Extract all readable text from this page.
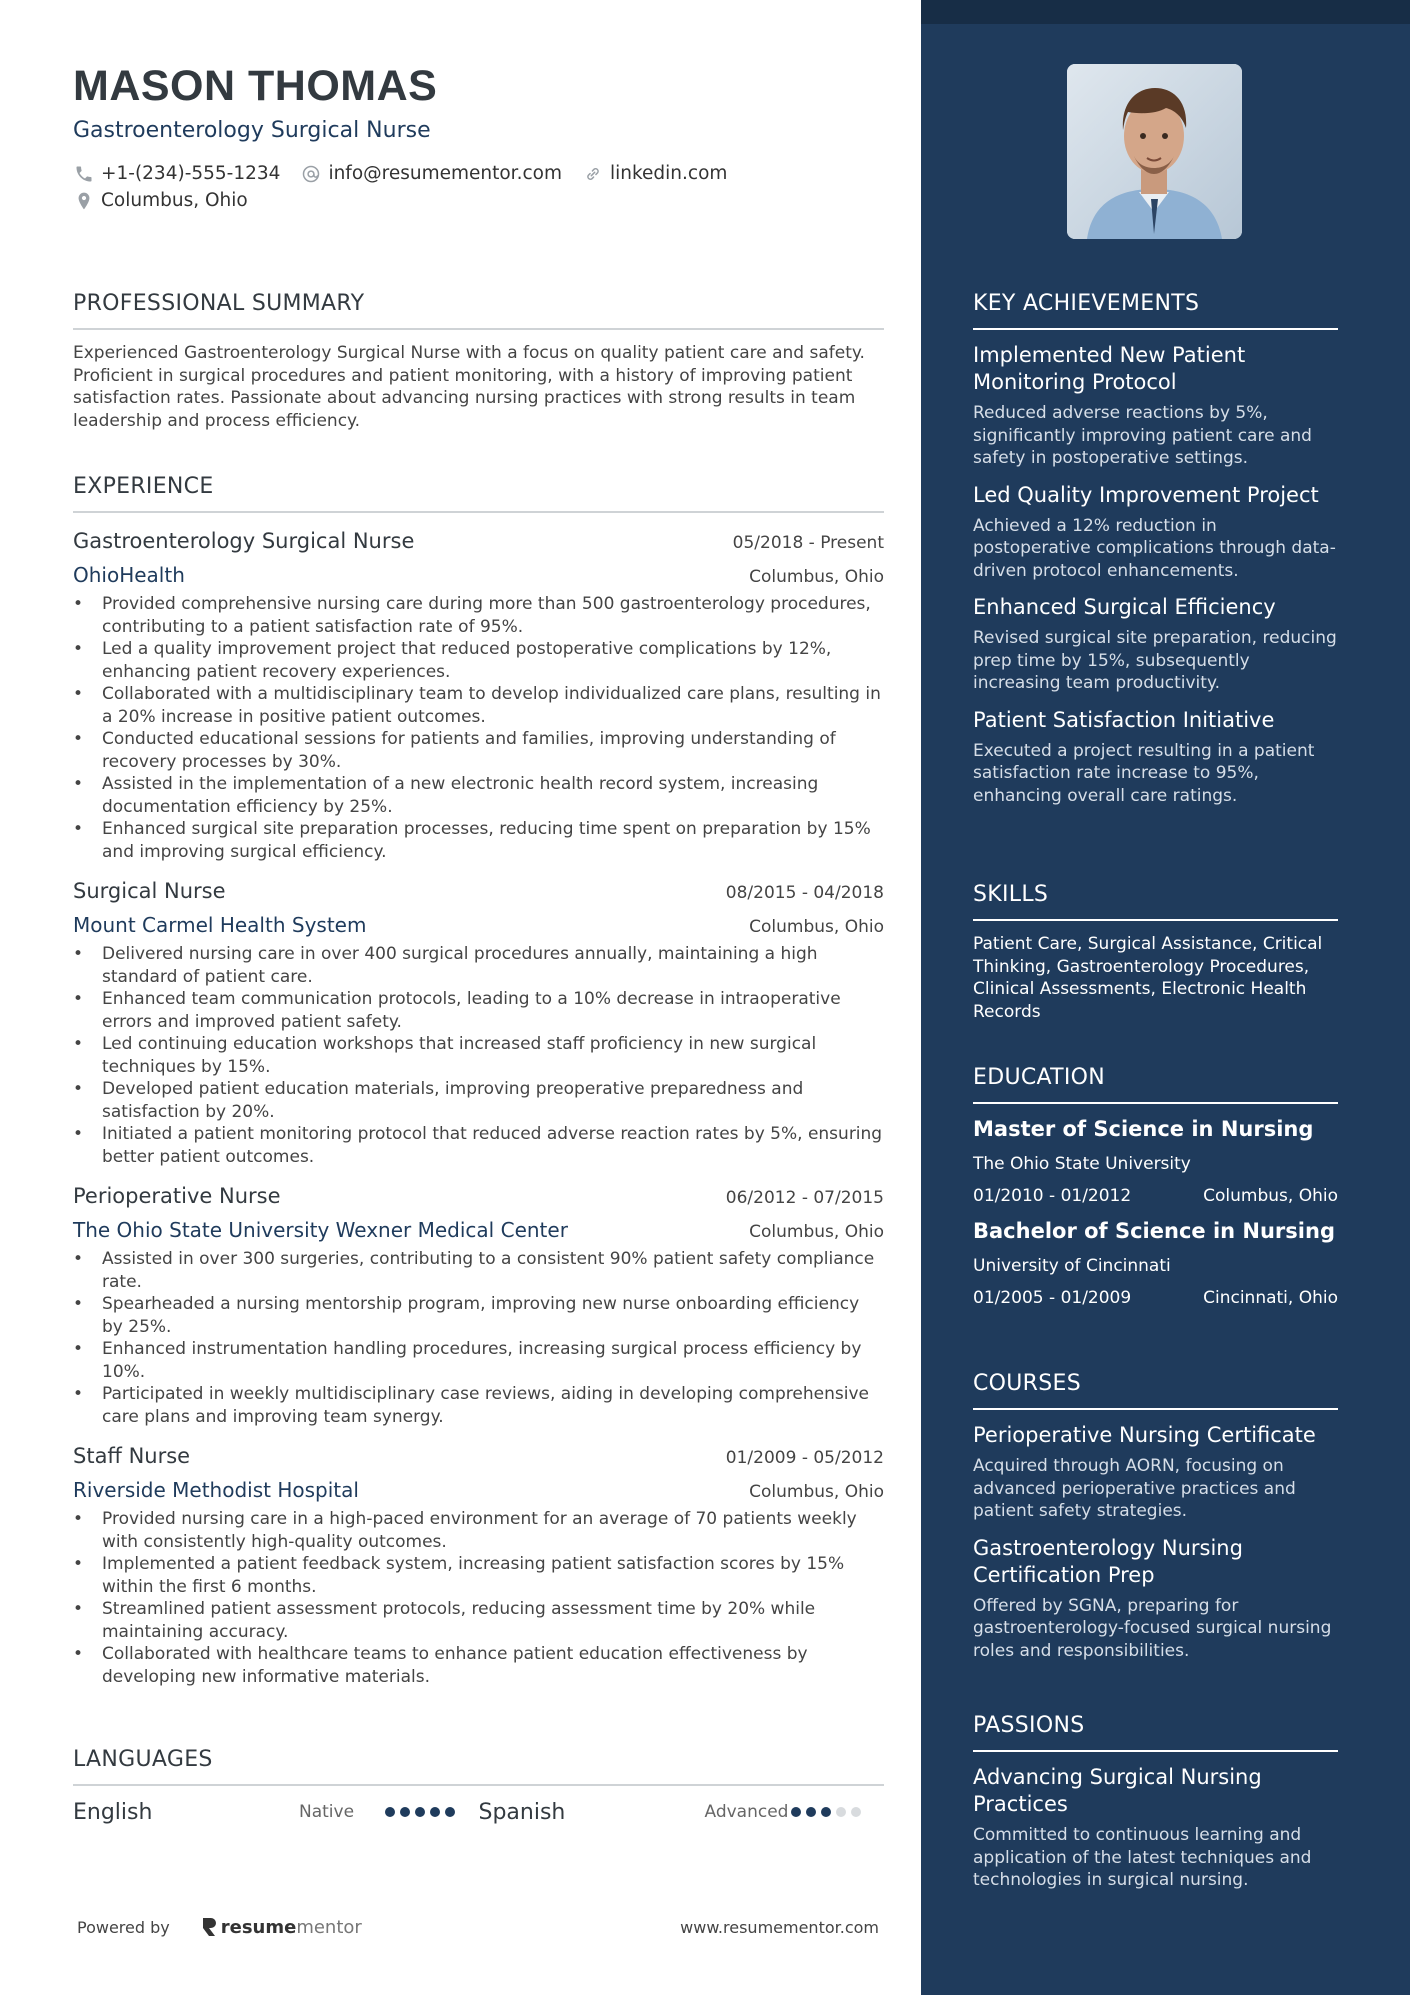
MASON THOMAS
Gastroenterology Surgical Nurse
+1-(234)-555-1234	info@resumementor.com	linkedin.com
Columbus, Ohio
PROFESSIONAL SUMMARY

Experienced Gastroenterology Surgical Nurse with a focus on quality patient care and safety. Proficient in surgical procedures and patient monitoring, with a history of improving patient satisfaction rates. Passionate about advancing nursing practices with strong results in team leadership and process efficiency.

EXPERIENCE
Gastroenterology Surgical Nurse	05/2018 - Present
OhioHealth	Columbus, Ohio
• Provided comprehensive nursing care during more than 500 gastroenterology procedures, contributing to a patient satisfaction rate of 95%.
• Led a quality improvement project that reduced postoperative complications by 12%, enhancing patient recovery experiences.
• Collaborated with a multidisciplinary team to develop individualized care plans, resulting in a 20% increase in positive patient outcomes.
• Conducted educational sessions for patients and families, improving understanding of recovery processes by 30%.
• Assisted in the implementation of a new electronic health record system, increasing documentation efficiency by 25%.
• Enhanced surgical site preparation processes, reducing time spent on preparation by 15% and improving surgical efficiency.
Surgical Nurse	08/2015 - 04/2018
Mount Carmel Health System	Columbus, Ohio
• Delivered nursing care in over 400 surgical procedures annually, maintaining a high standard of patient care.
• Enhanced team communication protocols, leading to a 10% decrease in intraoperative errors and improved patient safety.
• Led continuing education workshops that increased staff proficiency in new surgical techniques by 15%.
• Developed patient education materials, improving preoperative preparedness and satisfaction by 20%.
• Initiated a patient monitoring protocol that reduced adverse reaction rates by 5%, ensuring better patient outcomes.
Perioperative Nurse	06/2012 - 07/2015
The Ohio State University Wexner Medical Center	Columbus, Ohio
• Assisted in over 300 surgeries, contributing to a consistent 90% patient safety compliance rate.
• Spearheaded a nursing mentorship program, improving new nurse onboarding efficiency by 25%.
• Enhanced instrumentation handling procedures, increasing surgical process efficiency by 10%.
• Participated in weekly multidisciplinary case reviews, aiding in developing comprehensive care plans and improving team synergy.
Staff Nurse	01/2009 - 05/2012
Riverside Methodist Hospital	Columbus, Ohio
• Provided nursing care in a high-paced environment for an average of 70 patients weekly with consistently high-quality outcomes.
• Implemented a patient feedback system, increasing patient satisfaction scores by 15% within the first 6 months.
• Streamlined patient assessment protocols, reducing assessment time by 20% while maintaining accuracy.
• Collaborated with healthcare teams to enhance patient education effectiveness by developing new informative materials.
LANGUAGES
English	Native	Spanish	Advanced
Powered by	resume mentor	www.resumementor.com
KEY ACHIEVEMENTS
Implemented New Patient Monitoring Protocol
Reduced adverse reactions by 5%, significantly improving patient care and safety in postoperative settings.
Led Quality Improvement Project
Achieved a 12% reduction in postoperative complications through data-driven protocol enhancements.
Enhanced Surgical Efficiency
Revised surgical site preparation, reducing prep time by 15%, subsequently increasing team productivity.
Patient Satisfaction Initiative
Executed a project resulting in a patient satisfaction rate increase to 95%, enhancing overall care ratings.
SKILLS
Patient Care, Surgical Assistance, Critical Thinking, Gastroenterology Procedures, Clinical Assessments, Electronic Health Records
EDUCATION
Master of Science in Nursing
The Ohio State University
01/2010 - 01/2012	Columbus, Ohio
Bachelor of Science in Nursing
University of Cincinnati
01/2005 - 01/2009	Cincinnati, Ohio
COURSES
Perioperative Nursing Certificate
Acquired through AORN, focusing on advanced perioperative practices and patient safety strategies.
Gastroenterology Nursing Certification Prep
Offered by SGNA, preparing for gastroenterology-focused surgical nursing roles and responsibilities.
PASSIONS
Advancing Surgical Nursing Practices
Committed to continuous learning and application of the latest techniques and technologies in surgical nursing.
